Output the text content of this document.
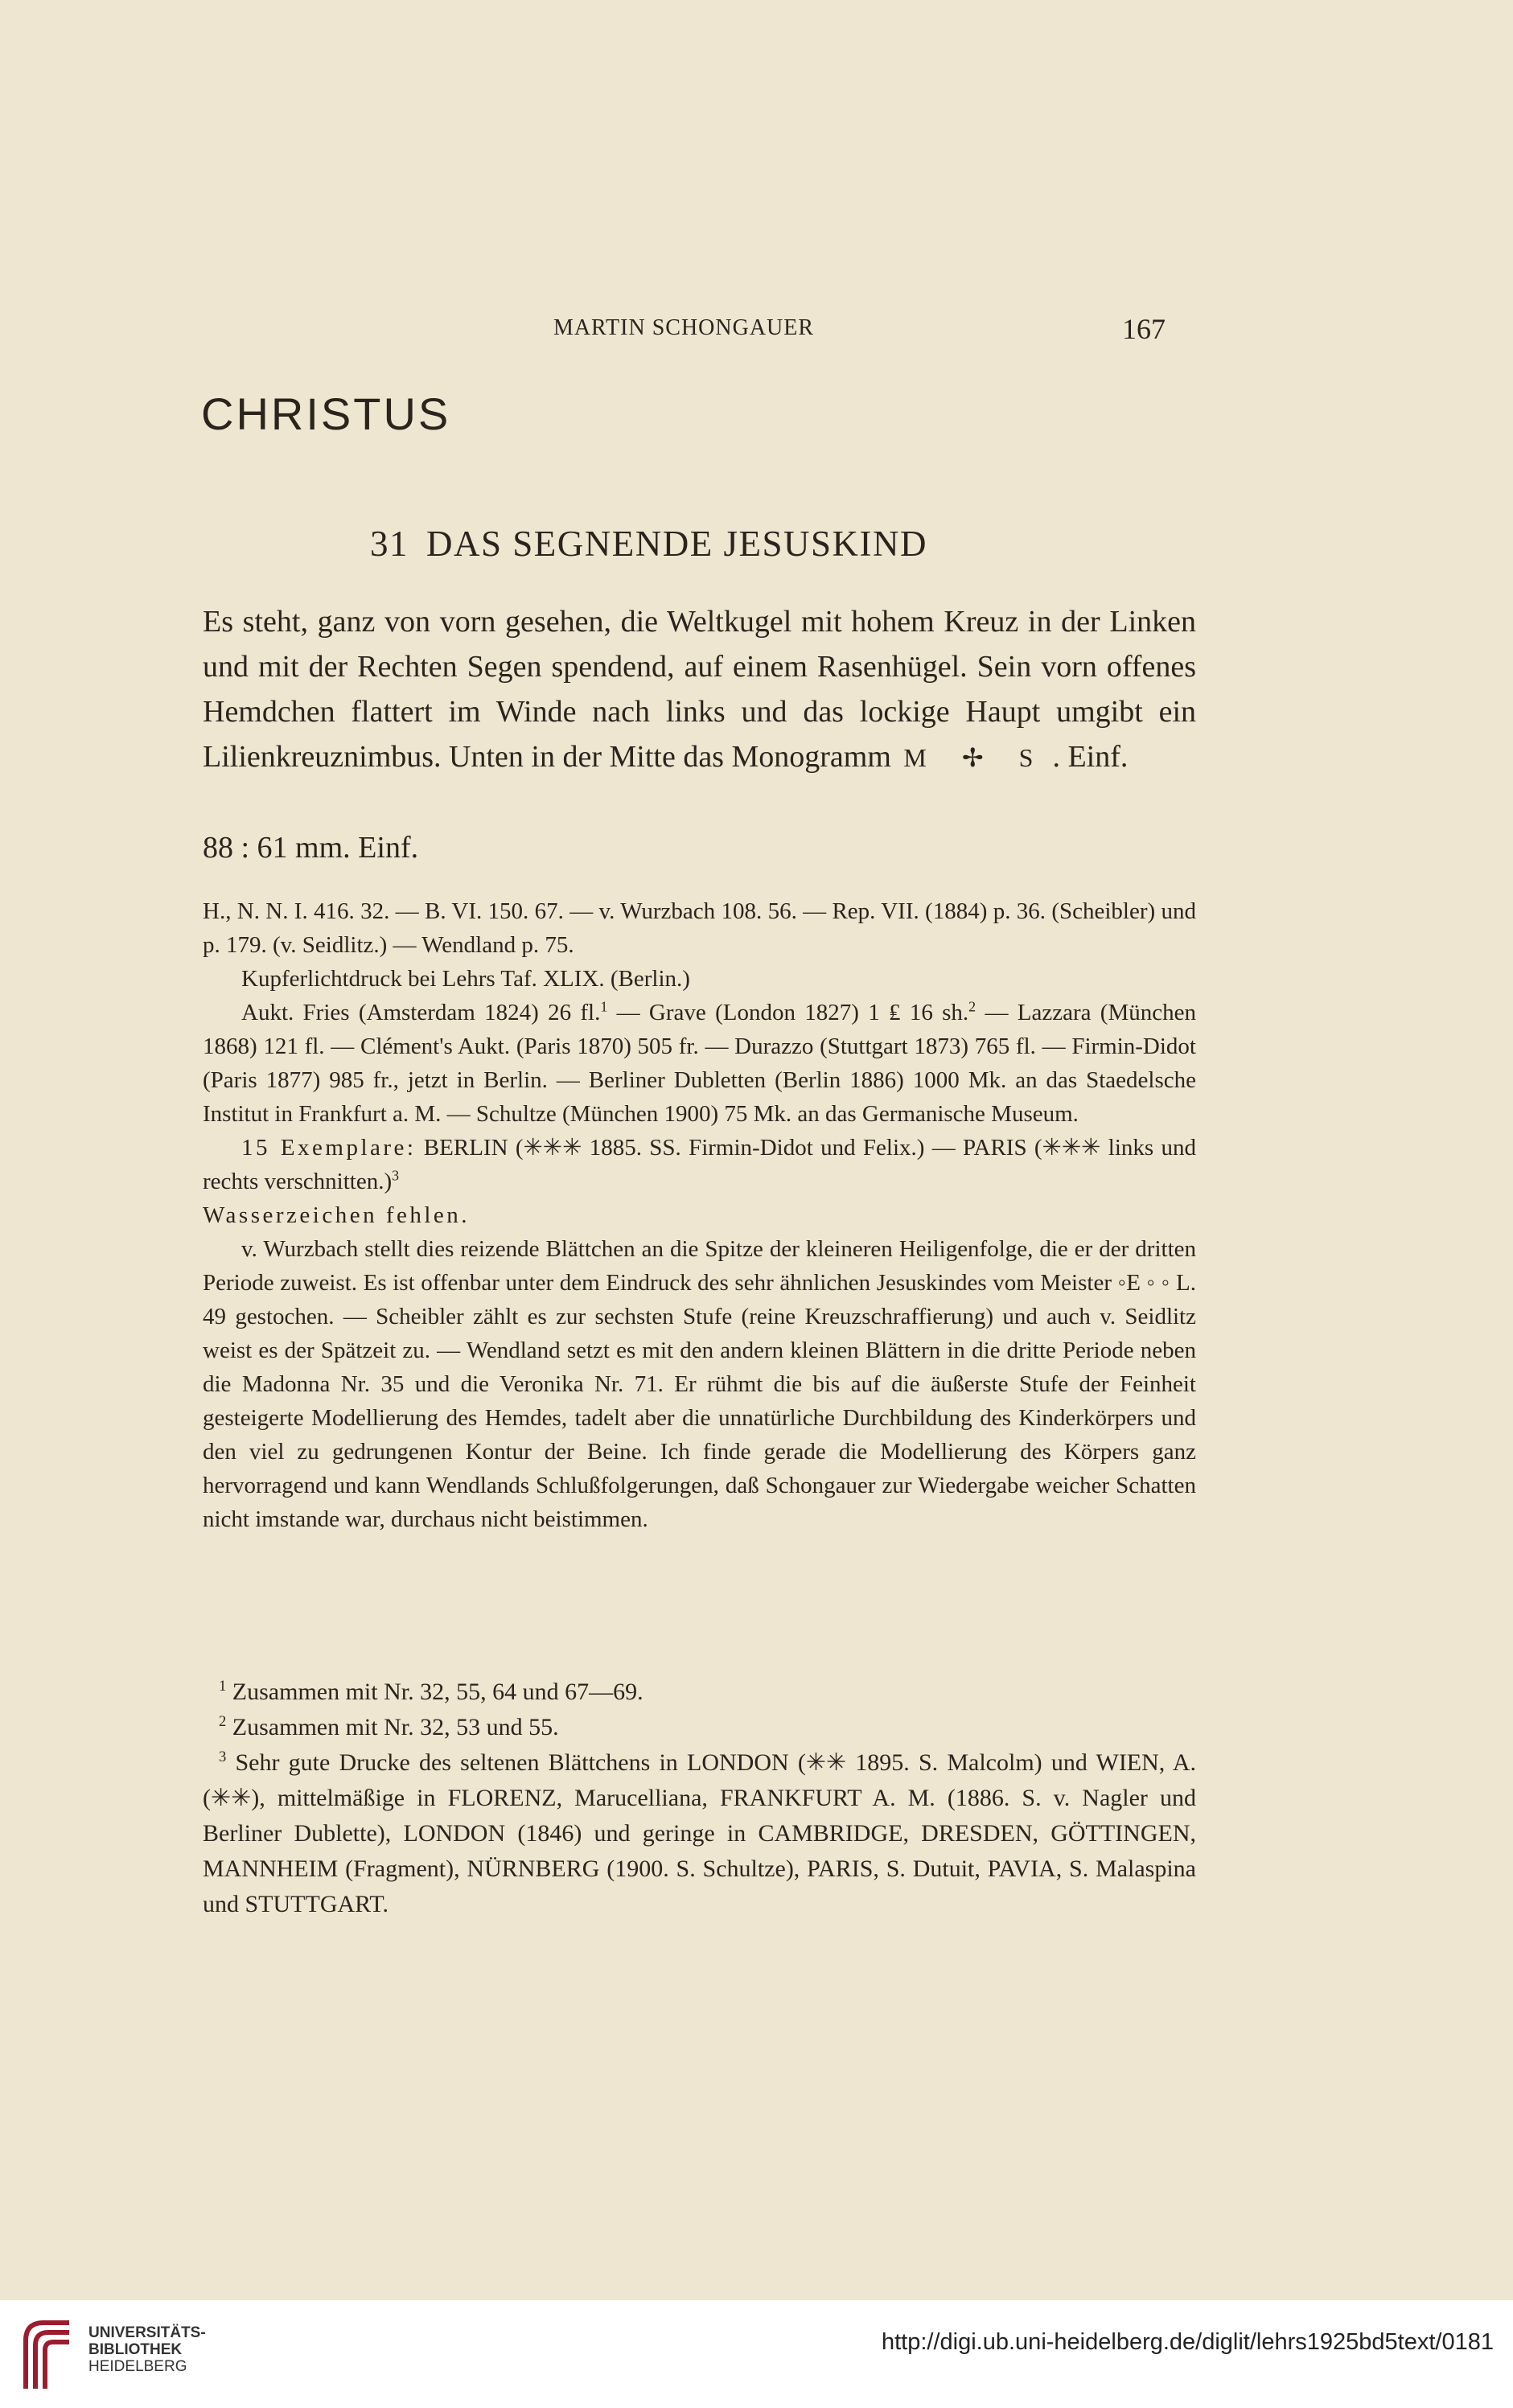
MARTIN SCHONGAUER	167
CHRISTUS
31 DAS SEGNENDE JESUSKIND

Es steht, ganz von vorn gesehen, die Weltkugel mit hohem Kreuz in der Linken und mit der Rechten Segen spendend, auf einem Rasenhügel. Sein vorn offenes Hemdchen flattert im Winde nach links und das lockige Haupt umgibt ein Lilienkreuznimbus. Unten in der Mitte das Monogramm M ✢ S . Einf.

88 : 61 mm. Einf.

H., N. N. I. 416. 32. — B. VI. 150. 67. — v. Wurzbach 108. 56. — Rep. VII. (1884) p. 36. (Scheibler) und p. 179. (v. Seidlitz.) — Wendland p. 75.

Kupferlichtdruck bei Lehrs Taf. XLIX. (Berlin.)

Aukt. Fries (Amsterdam 1824) 26 fl.$^1$ — Grave (London 1827) 1 ₤ 16 sh.$^2$ — Lazzara (München 1868) 121 fl. — Clément's Aukt. (Paris 1870) 505 fr. — Durazzo (Stuttgart 1873) 765 fl. — Firmin-Didot (Paris 1877) 985 fr., jetzt in Berlin. — Berliner Dubletten (Berlin 1886) 1000 Mk. an das Staedelsche Institut in Frankfurt a. M. — Schultze (München 1900) 75 Mk. an das Germanische Museum.

15 Exemplare: BERLIN (✳✳✳ 1885. SS. Firmin-Didot und Felix.) — PARIS (✳✳✳ links und rechts verschnitten.)$^3$

Wasserzeichen fehlen.

v. Wurzbach stellt dies reizende Blättchen an die Spitze der kleineren Heiligenfolge, die er der dritten Periode zuweist. Es ist offenbar unter dem Eindruck des sehr ähnlichen Jesuskindes vom Meister ◦E ◦ ◦ L. 49 gestochen. — Scheibler zählt es zur sechsten Stufe (reine Kreuzschraffierung) und auch v. Seidlitz weist es der Spätzeit zu. — Wendland setzt es mit den andern kleinen Blättern in die dritte Periode neben die Madonna Nr. 35 und die Veronika Nr. 71. Er rühmt die bis auf die äußerste Stufe der Feinheit gesteigerte Modellierung des Hemdes, tadelt aber die unnatürliche Durchbildung des Kinderkörpers und den viel zu gedrungenen Kontur der Beine. Ich finde gerade die Modellierung des Körpers ganz hervorragend und kann Wendlands Schlußfolgerungen, daß Schongauer zur Wiedergabe weicher Schatten nicht imstande war, durchaus nicht beistimmen.

$^1$ Zusammen mit Nr. 32, 55, 64 und 67—69.

$^2$ Zusammen mit Nr. 32, 53 und 55.

$^3$ Sehr gute Drucke des seltenen Blättchens in LONDON (✳✳ 1895. S. Malcolm) und WIEN, A. (✳✳), mittelmäßige in FLORENZ, Marucelliana, FRANKFURT A. M. (1886. S. v. Nagler und Berliner Dublette), LONDON (1846) und geringe in CAMBRIDGE, DRESDEN, GÖTTINGEN, MANNHEIM (Fragment), NÜRNBERG (1900. S. Schultze), PARIS, S. Dutuit, PAVIA, S. Malaspina und STUTTGART.

UNIVERSITÄTS-
BIBLIOTHEK
HEIDELBERG
http://digi.ub.uni-heidelberg.de/diglit/lehrs1925bd5text/0181
